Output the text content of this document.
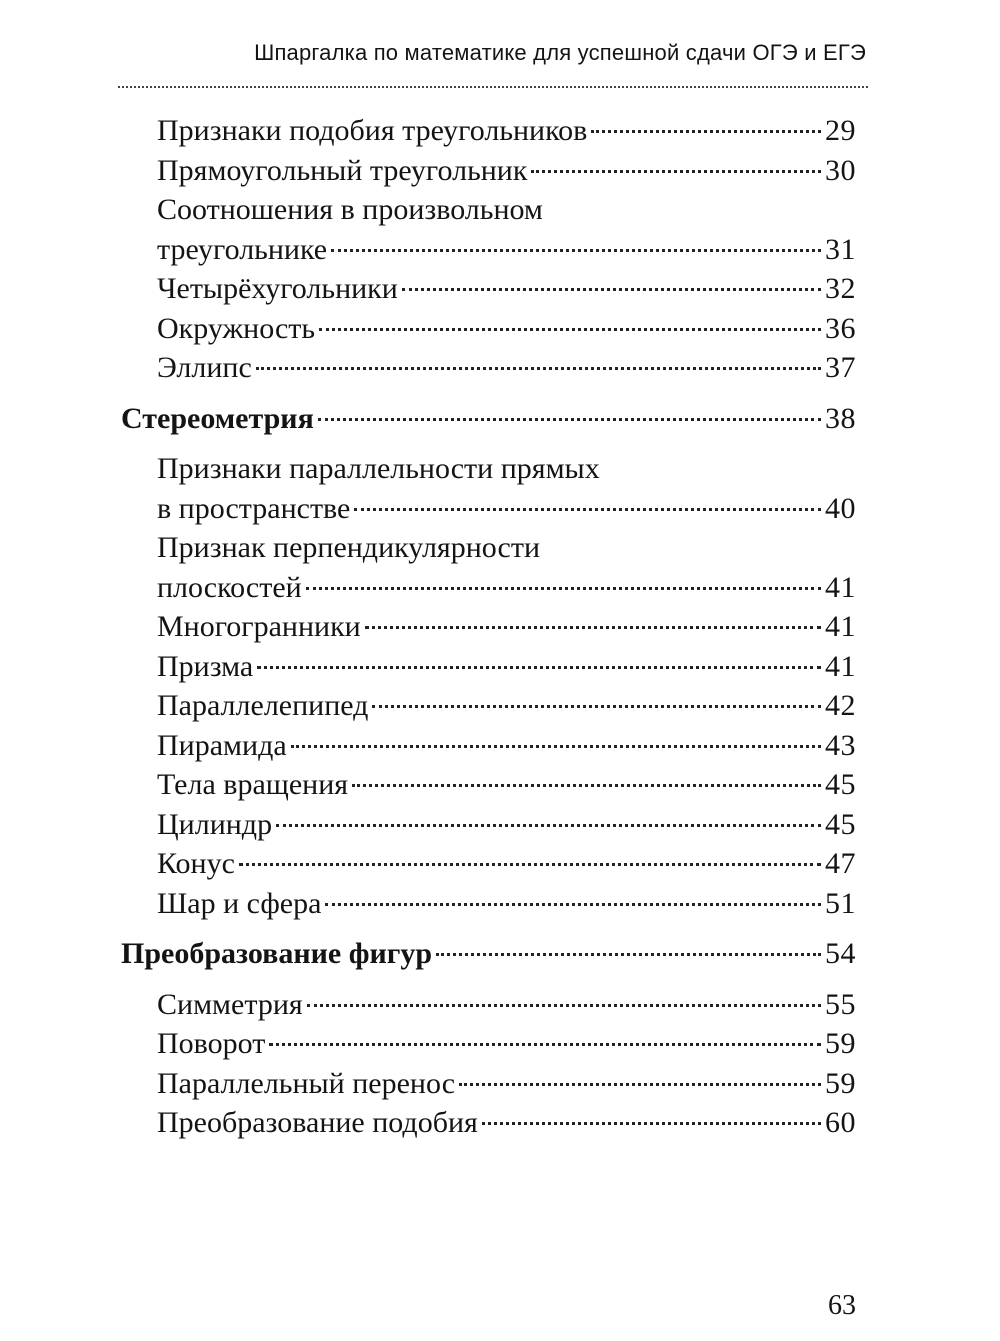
Шпаргалка по математике для успешной сдачи ОГЭ и ЕГЭ
Признаки подобия треугольников	29
Прямоугольный треугольник	30
Соотношения в произвольном
треугольнике	31
Четырёхугольники	32
Окружность	36
Эллипс	37
Стереометрия	38
Признаки параллельности прямых
в пространстве	40
Признак перпендикулярности
плоскостей	41
Многогранники	41
Призма	41
Параллелепипед	42
Пирамида	43
Тела вращения	45
Цилиндр	45
Конус	47
Шар и сфера	51
Преобразование фигур	54
Симметрия	55
Поворот	59
Параллельный перенос	59
Преобразование подобия	60
63
